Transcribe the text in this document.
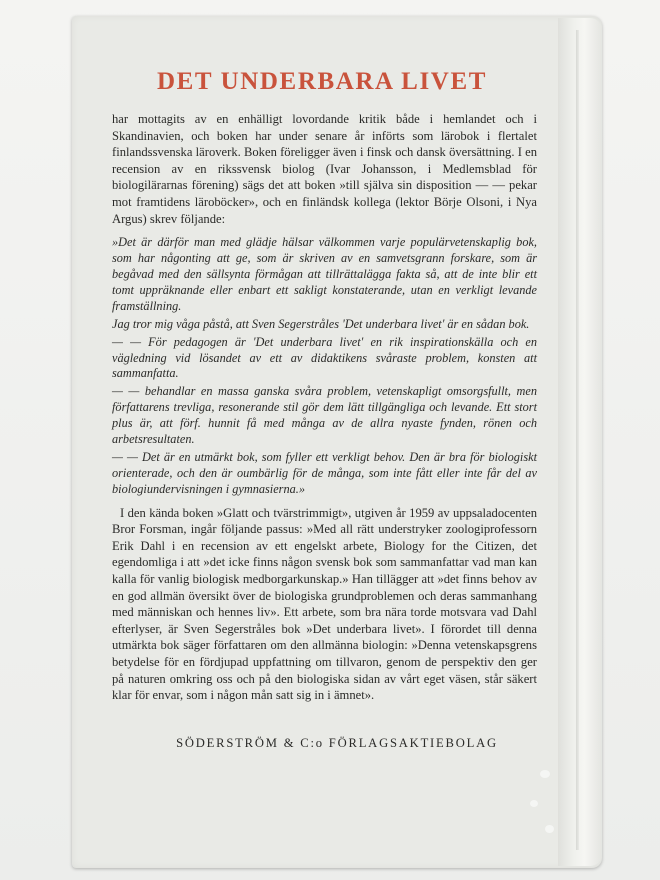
DET UNDERBARA LIVET

har mottagits av en enhälligt lovordande kritik både i hemlandet och i Skandinavien, och boken har under senare år införts som lärobok i flertalet finlandssvenska läroverk. Boken föreligger även i finsk och dansk översättning. I en recension av en rikssvensk biolog (Ivar Johansson, i Medlemsblad för biologilärarnas förening) sägs det att boken »till själva sin disposition — — pekar mot framtidens läroböcker», och en finländsk kollega (lektor Börje Olsoni, i Nya Argus) skrev följande:

»Det är därför man med glädje hälsar välkommen varje populärvetenskaplig bok, som har någonting att ge, som är skriven av en samvetsgrann forskare, som är begåvad med den sällsynta förmågan att tillrättalägga fakta så, att de inte blir ett tomt uppräknande eller enbart ett sakligt konstaterande, utan en verkligt levande framställning.

Jag tror mig våga påstå, att Sven Segerstråles 'Det underbara livet' är en sådan bok.

— — För pedagogen är 'Det underbara livet' en rik inspirationskälla och en vägledning vid lösandet av ett av didaktikens svåraste problem, konsten att sammanfatta.

— — behandlar en massa ganska svåra problem, vetenskapligt omsorgsfullt, men författarens trevliga, resonerande stil gör dem lätt tillgängliga och levande. Ett stort plus är, att förf. hunnit få med många av de allra nyaste fynden, rönen och arbetsresultaten.

— — Det är en utmärkt bok, som fyller ett verkligt behov. Den är bra för biologiskt orienterade, och den är oumbärlig för de många, som inte fått eller inte får del av biologiundervisningen i gymnasierna.»

I den kända boken »Glatt och tvärstrimmigt», utgiven år 1959 av uppsaladocenten Bror Forsman, ingår följande passus: »Med all rätt understryker zoologiprofessorn Erik Dahl i en recension av ett engelskt arbete, Biology for the Citizen, det egendomliga i att »det icke finns någon svensk bok som sammanfattar vad man kan kalla för vanlig biologisk medborgarkunskap.» Han tillägger att »det finns behov av en god allmän översikt över de biologiska grundproblemen och deras sammanhang med människan och hennes liv». Ett arbete, som bra nära torde motsvara vad Dahl efterlyser, är Sven Segerstråles bok »Det underbara livet». I förordet till denna utmärkta bok säger författaren om den allmänna biologin: »Denna vetenskapsgrens betydelse för en fördjupad uppfattning om tillvaron, genom de perspektiv den ger på naturen omkring oss och på den biologiska sidan av vårt eget väsen, står säkert klar för envar, som i någon mån satt sig in i ämnet».

SÖDERSTRÖM & C:o FÖRLAGSAKTIEBOLAG
